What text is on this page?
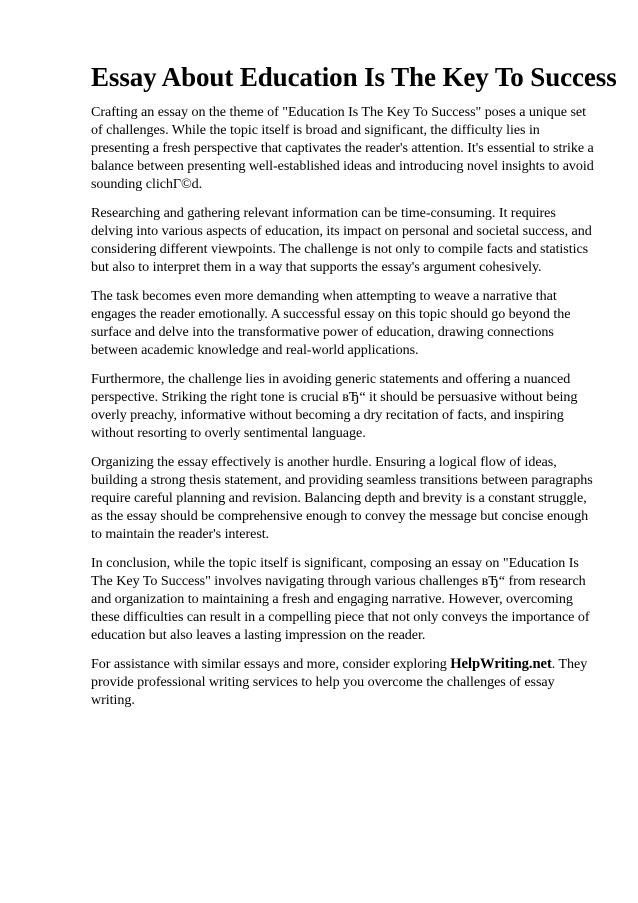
Essay About Education Is The Key To Success

Crafting an essay on the theme of "Education Is The Key To Success" poses a unique set of challenges. While the topic itself is broad and significant, the difficulty lies in presenting a fresh perspective that captivates the reader's attention. It's essential to strike a balance between presenting well-established ideas and introducing novel insights to avoid sounding clichГ©d.

Researching and gathering relevant information can be time-consuming. It requires delving into various aspects of education, its impact on personal and societal success, and considering different viewpoints. The challenge is not only to compile facts and statistics but also to interpret them in a way that supports the essay's argument cohesively.

The task becomes even more demanding when attempting to weave a narrative that engages the reader emotionally. A successful essay on this topic should go beyond the surface and delve into the transformative power of education, drawing connections between academic knowledge and real-world applications.

Furthermore, the challenge lies in avoiding generic statements and offering a nuanced perspective. Striking the right tone is crucial вЂ“ it should be persuasive without being overly preachy, informative without becoming a dry recitation of facts, and inspiring without resorting to overly sentimental language.

Organizing the essay effectively is another hurdle. Ensuring a logical flow of ideas, building a strong thesis statement, and providing seamless transitions between paragraphs require careful planning and revision. Balancing depth and brevity is a constant struggle, as the essay should be comprehensive enough to convey the message but concise enough to maintain the reader's interest.

In conclusion, while the topic itself is significant, composing an essay on "Education Is The Key To Success" involves navigating through various challenges вЂ“ from research and organization to maintaining a fresh and engaging narrative. However, overcoming these difficulties can result in a compelling piece that not only conveys the importance of education but also leaves a lasting impression on the reader.

For assistance with similar essays and more, consider exploring HelpWriting.net. They provide professional writing services to help you overcome the challenges of essay writing.
